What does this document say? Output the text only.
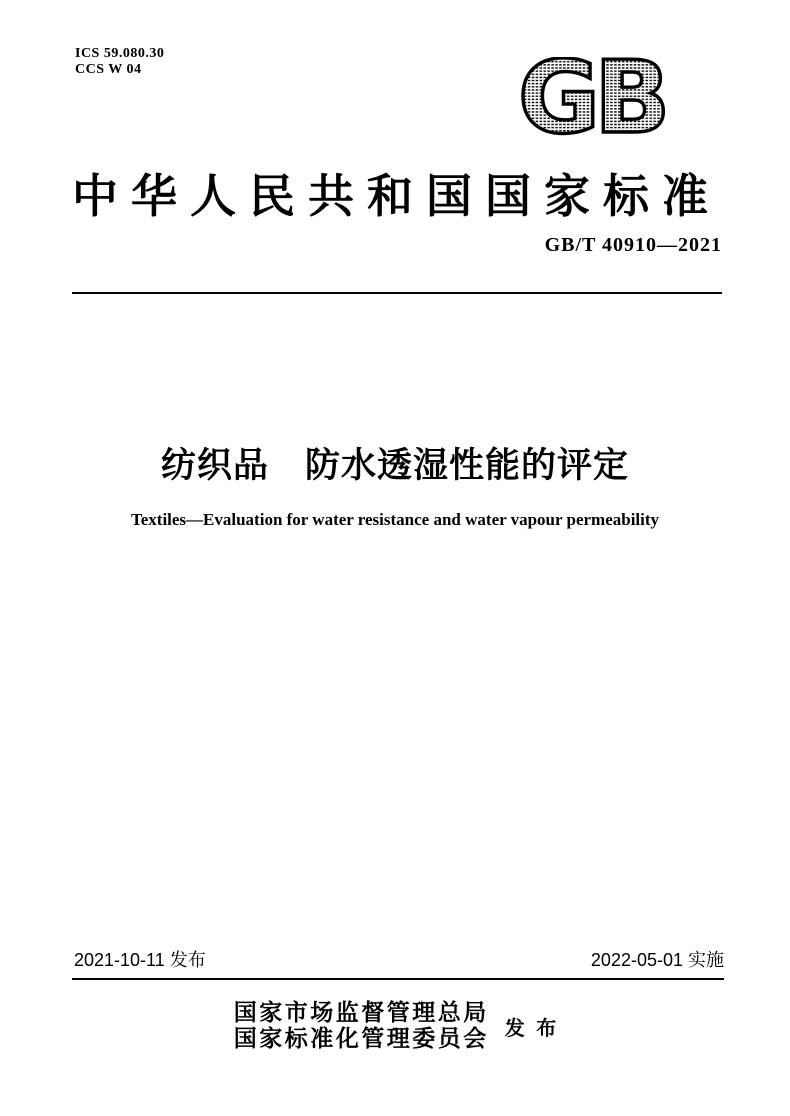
ICS 59.080.30
CCS W 04	GB
中华人民共和国国家标准
GB/T 40910—2021
纺织品　防水透湿性能的评定
Textiles—Evaluation for water resistance and water vapour permeability
2021-10-11 发布	2022-05-01 实施
国家市场监督管理总局
国家标准化管理委员会 发 布
